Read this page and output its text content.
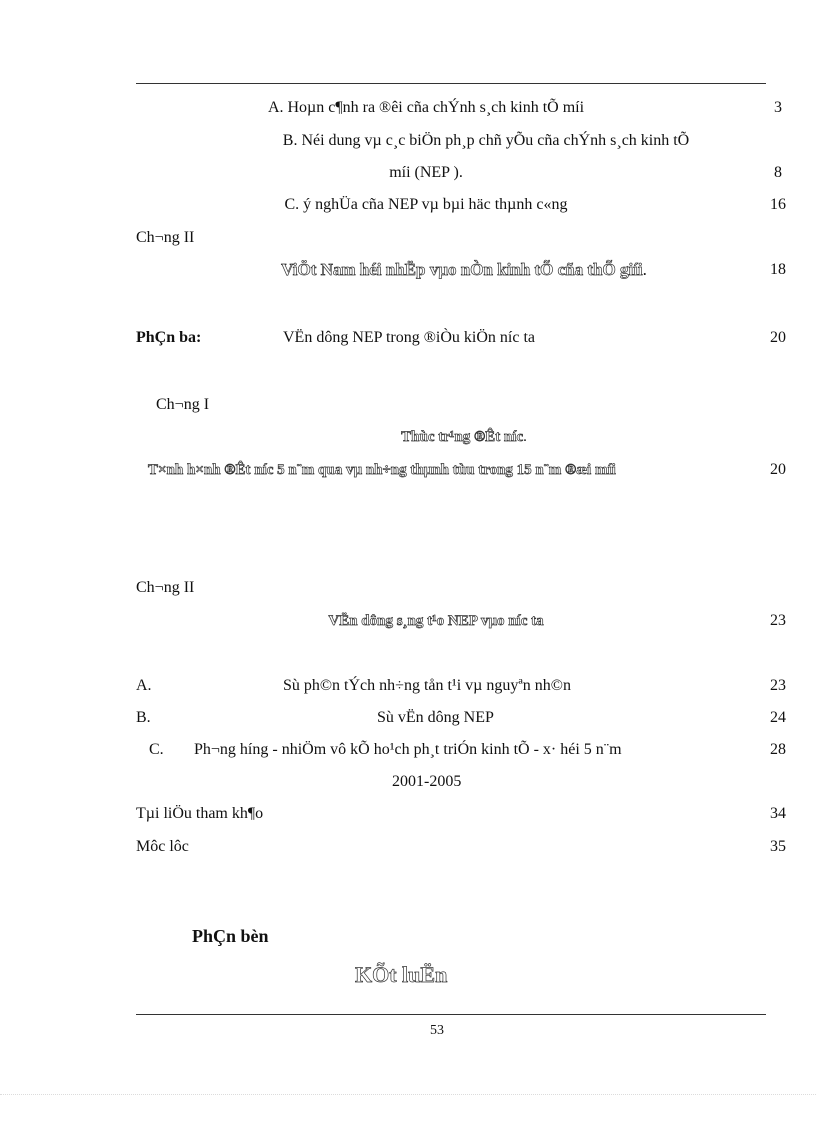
A. Hoµn c¶nh ra ®êi cña chÝnh s¸ch kinh tÕ míi	3
B. Néi dung vµ c¸c biÖn ph¸p chñ yÕu cña chÝnh s¸ch kinh tÕ
míi (NEP ).	8
C. ý nghÜa cña NEP vµ bµi häc thµnh c«ng	16
Ch¬ng II
ViÖt Nam héi nhËp vµo nÒn kinh tÕ cña thÕ giíi.	18
PhÇn ba:	VËn dông NEP trong ®iÒu kiÖn níc ta	20
Ch¬ng I
Thùc tr¹ng ®Êt níc.
T×nh h×nh ®Êt níc 5 n¨m qua vµ nh÷ng thµnh tùu trong 15 n¨m ®æi míi	20
Ch¬ng II
VËn dông s¸ng t¹o NEP vµo níc ta	23
A.	Sù ph©n tÝch nh÷ng tån t¹i vµ nguyªn nh©n	23
B.	Sù vËn dông NEP	24
C. Ph¬ng híng - nhiÖm vô kÕ ho¹ch ph¸t triÓn kinh tÕ - x· héi 5 n¨m	28
2001-2005
Tµi liÖu tham kh¶o	34
Môc lôc	35
PhÇn bèn
KÕt luËn
53
